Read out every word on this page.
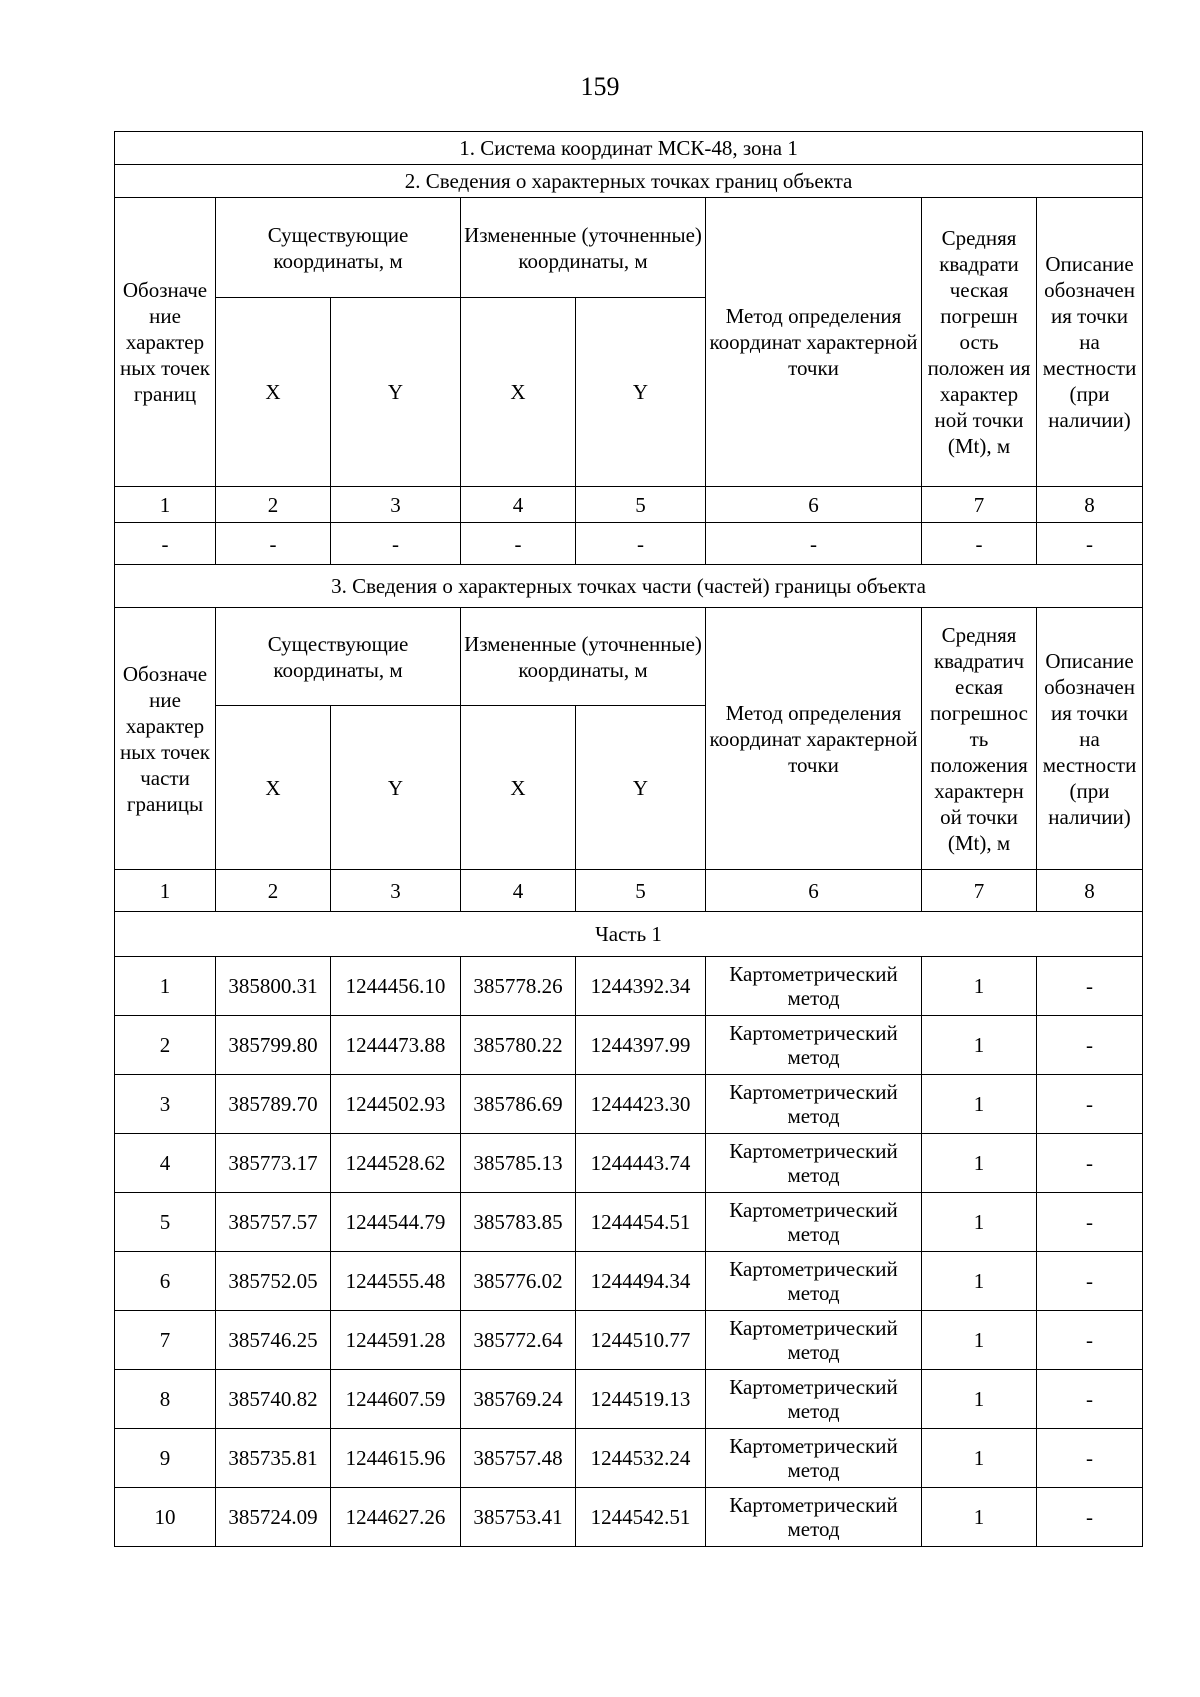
159
1. Система координат МСК-48, зона 1							
2. Сведения о характерных точках границ объекта							
Обозначе ние характер ных точек границ	Существующие координаты, м		Измененные (уточненные) координаты, м		Метод определения координат характерной точки	Средняя квадрати ческая погрешн ость положен ия характер ной точки (Mt), м	Описание обозначен ия точки на местности (при наличии)
	X	Y	X	Y			
1	2	3	4	5	6	7	8
-	-	-	-	-	-	-	-
3. Сведения о характерных точках части (частей) границы объекта							
Обозначе ние характер ных точек части границы	Существующие координаты, м		Измененные (уточненные) координаты, м		Метод определения координат характерной точки	Средняя квадратич еская погрешнос ть положения характерн ой точки (Mt), м	Описание обозначен ия точки на местности (при наличии)
	X	Y	X	Y			
1	2	3	4	5	6	7	8
Часть 1							
1	385800.31	1244456.10	385778.26	1244392.34	Картометрический метод	1	-
2	385799.80	1244473.88	385780.22	1244397.99	Картометрический метод	1	-
3	385789.70	1244502.93	385786.69	1244423.30	Картометрический метод	1	-
4	385773.17	1244528.62	385785.13	1244443.74	Картометрический метод	1	-
5	385757.57	1244544.79	385783.85	1244454.51	Картометрический метод	1	-
6	385752.05	1244555.48	385776.02	1244494.34	Картометрический метод	1	-
7	385746.25	1244591.28	385772.64	1244510.77	Картометрический метод	1	-
8	385740.82	1244607.59	385769.24	1244519.13	Картометрический метод	1	-
9	385735.81	1244615.96	385757.48	1244532.24	Картометрический метод	1	-
10	385724.09	1244627.26	385753.41	1244542.51	Картометрический метод	1	-
